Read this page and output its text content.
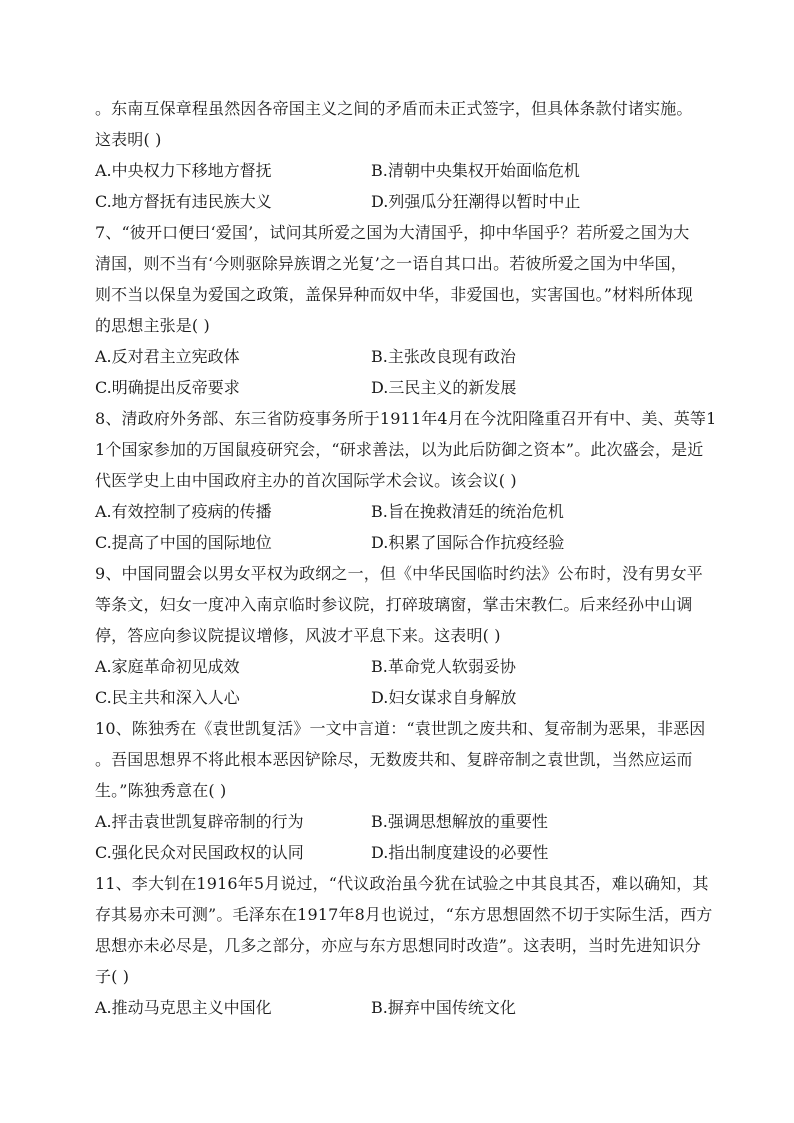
。东南互保章程虽然因各帝国主义之间的矛盾而未正式签字，但具体条款付诸实施。
这表明( )
A.中央权力下移地方督抚	B.清朝中央集权开始面临危机
C.地方督抚有违民族大义	D.列强瓜分狂潮得以暂时中止
7、“彼开口便曰‘爱国’，试问其所爱之国为大清国乎，抑中华国乎？若所爱之国为大
清国，则不当有‘今则驱除异族谓之光复’之一语自其口出。若彼所爱之国为中华国，
则不当以保皇为爱国之政策，盖保异种而奴中华，非爱国也，实害国也。”材料所体现
的思想主张是( )
A.反对君主立宪政体	B.主张改良现有政治
C.明确提出反帝要求	D.三民主义的新发展
8、清政府外务部、东三省防疫事务所于1911年4月在今沈阳隆重召开有中、美、英等1
1个国家参加的万国鼠疫研究会，“研求善法，以为此后防御之资本”。此次盛会，是近
代医学史上由中国政府主办的首次国际学术会议。该会议( )
A.有效控制了疫病的传播	B.旨在挽救清廷的统治危机
C.提高了中国的国际地位	D.积累了国际合作抗疫经验
9、中国同盟会以男女平权为政纲之一，但《中华民国临时约法》公布时，没有男女平
等条文，妇女一度冲入南京临时参议院，打碎玻璃窗，掌击宋教仁。后来经孙中山调
停，答应向参议院提议增修，风波才平息下来。这表明( )
A.家庭革命初见成效	B.革命党人软弱妥协
C.民主共和深入人心	D.妇女谋求自身解放
10、陈独秀在《袁世凯复活》一文中言道：“袁世凯之废共和、复帝制为恶果，非恶因
。吾国思想界不将此根本恶因铲除尽，无数废共和、复辟帝制之袁世凯，当然应运而
生。”陈独秀意在( )
A.抨击袁世凯复辟帝制的行为	B.强调思想解放的重要性
C.强化民众对民国政权的认同	D.指出制度建设的必要性
11、李大钊在1916年5月说过，“代议政治虽今犹在试验之中其良其否，难以确知，其
存其易亦未可测”。毛泽东在1917年8月也说过，“东方思想固然不切于实际生活，西方
思想亦未必尽是，几多之部分，亦应与东方思想同时改造”。这表明，当时先进知识分
子( )
A.推动马克思主义中国化	B.摒弃中国传统文化
